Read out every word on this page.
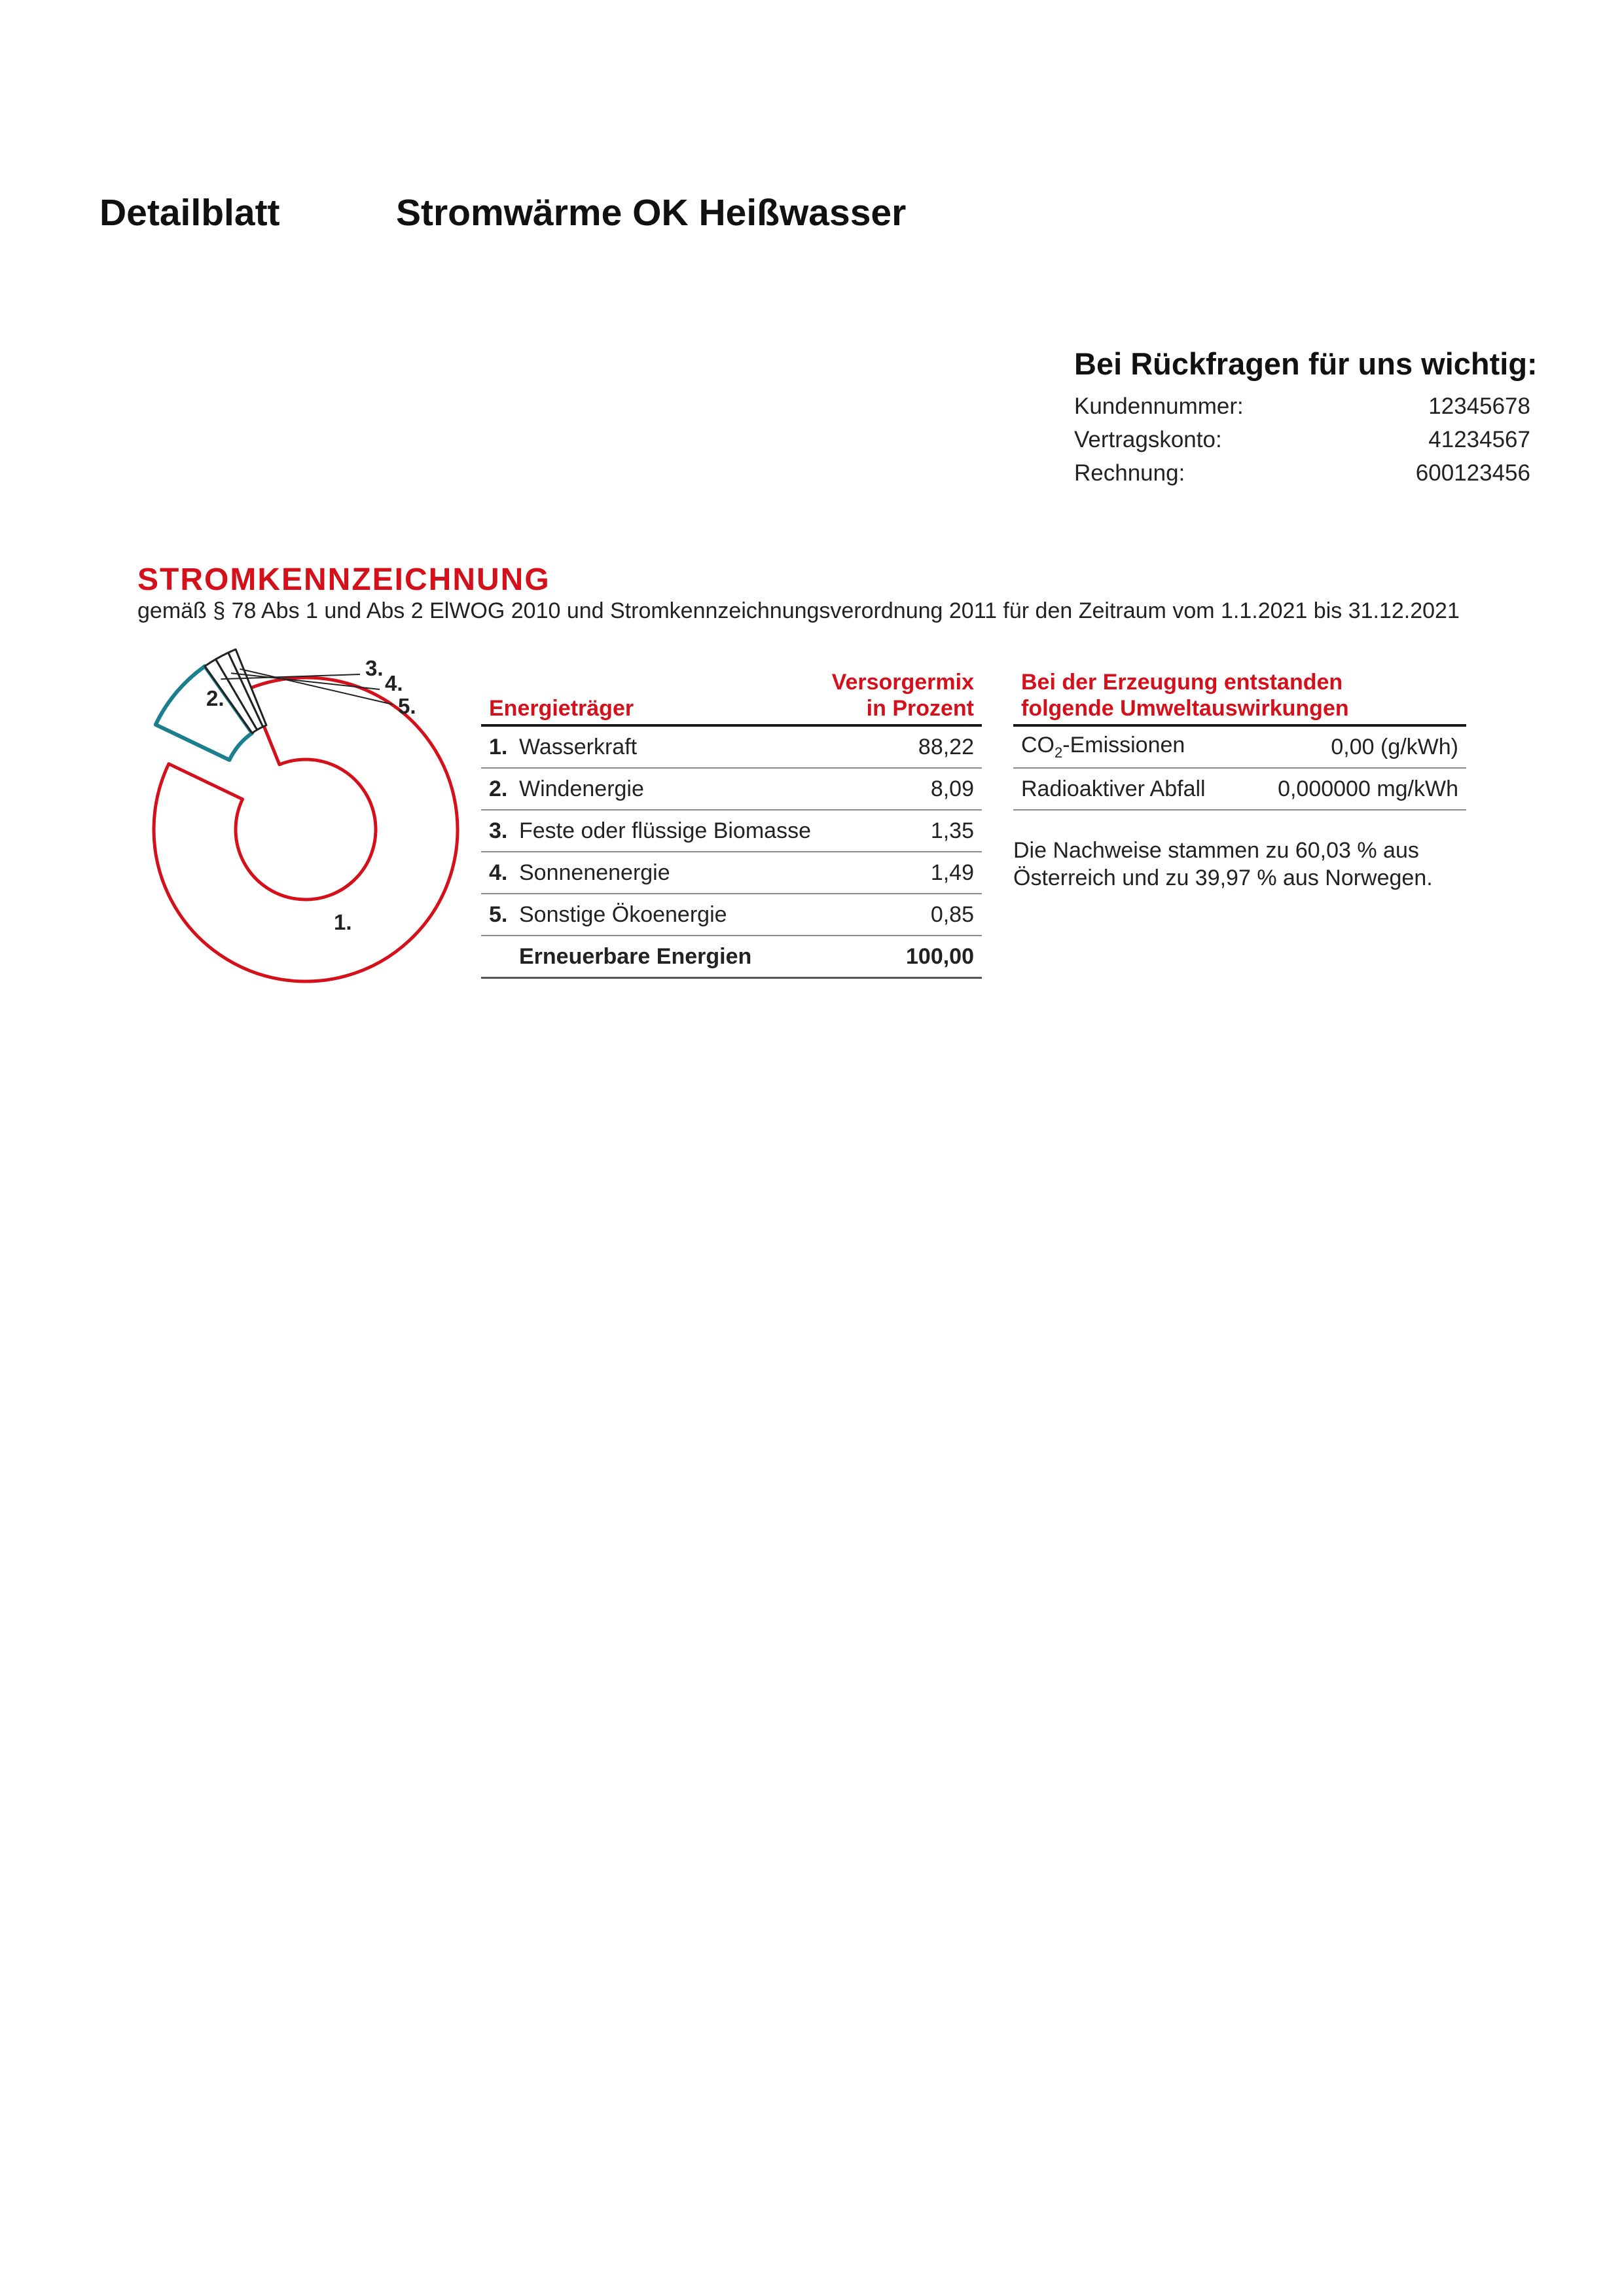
Detailblatt	Stromwärme OK Heißwasser
Bei Rückfragen für uns wichtig:
Kundennummer:	12345678
Vertragskonto:	41234567
Rechnung:	600123456
STROMKENNZEICHNUNG
gemäß § 78 Abs 1 und Abs 2 ElWOG 2010 und Stromkennzeichnungsverordnung 2011 für den Zeitraum vom 1.1.2021 bis 31.12.2021
1.
2.
3.
4.
5.	Energieträger	Versorgermix
in Prozent

1. Wasserkraft	88,22
2. Windenergie	8,09
3. Feste oder flüssige Biomasse	1,35
4. Sonnenenergie	1,49
5. Sonstige Ökoenergie	0,85
Erneuerbare Energien	100,00
Bei der Erzeugung entstanden
folgende Umweltauswirkungen	

$CO_2$-Emissionen	0,00 (g/kWh)
Radioaktiver Abfall	0,000000 mg/kWh
Die Nachweise stammen zu 60,03 % aus
Österreich und zu 39,97 % aus Norwegen.
